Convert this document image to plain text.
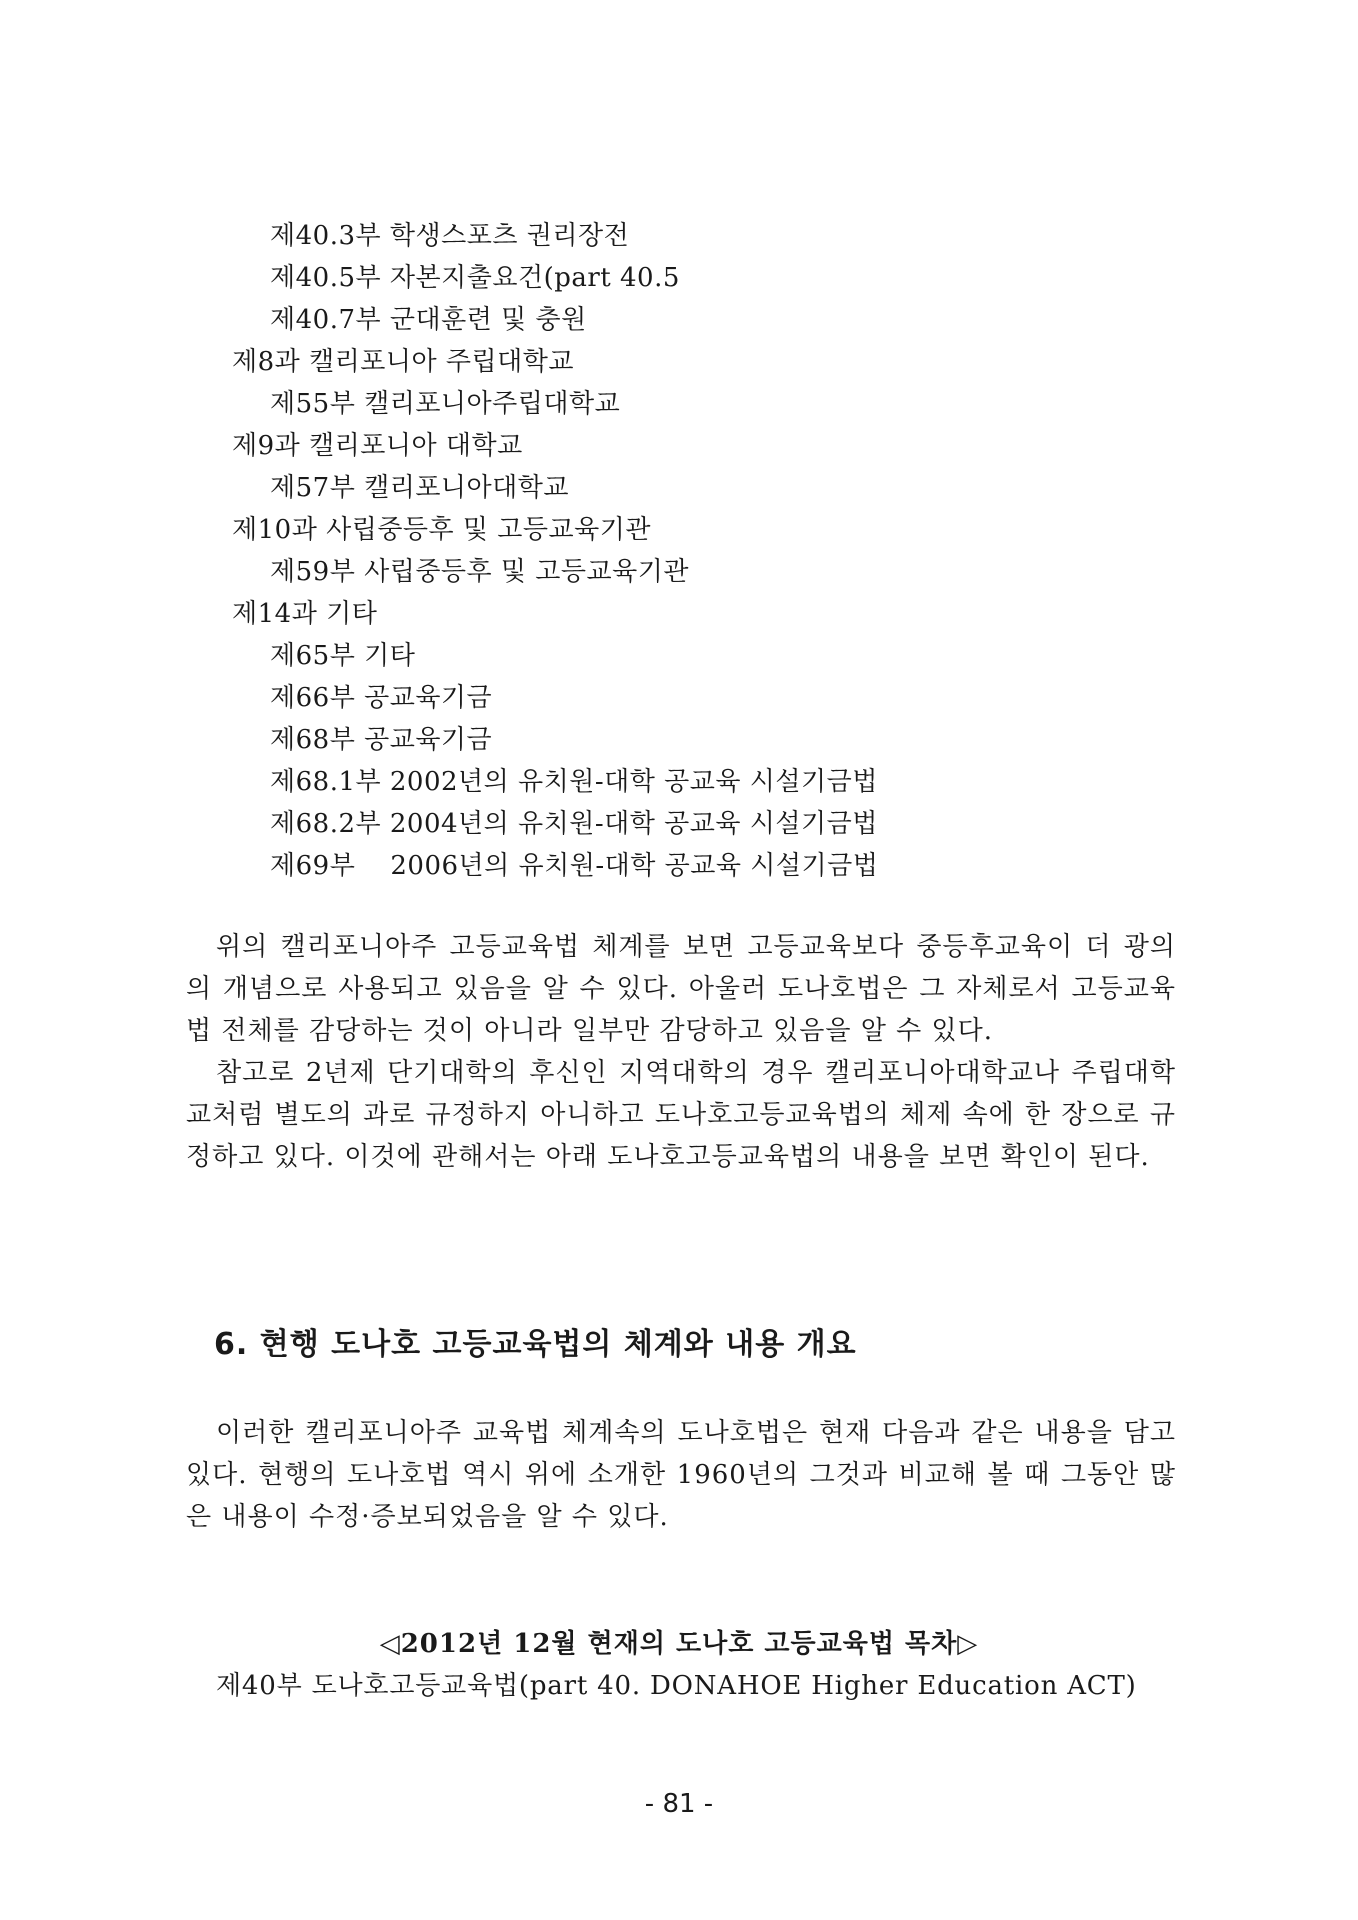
제40.3부 학생스포츠 권리장전
제40.5부 자본지출요건(part 40.5
제40.7부 군대훈련 및 충원
제8과 캘리포니아 주립대학교
제55부 캘리포니아주립대학교
제9과 캘리포니아 대학교
제57부 캘리포니아대학교
제10과 사립중등후 및 고등교육기관
제59부 사립중등후 및 고등교육기관
제14과 기타
제65부 기타
제66부 공교육기금
제68부 공교육기금
제68.1부 2002년의 유치원-대학 공교육 시설기금법
제68.2부 2004년의 유치원-대학 공교육 시설기금법
제69부    2006년의 유치원-대학 공교육 시설기금법

위의 캘리포니아주 고등교육법 체계를 보면 고등교육보다 중등후교육이 더 광의의 개념으로 사용되고 있음을 알 수 있다. 아울러 도나호법은 그 자체로서 고등교육법 전체를 감당하는 것이 아니라 일부만 감당하고 있음을 알 수 있다.

참고로 2년제 단기대학의 후신인 지역대학의 경우 캘리포니아대학교나 주립대학교처럼 별도의 과로 규정하지 아니하고 도나호고등교육법의 체제 속에 한 장으로 규정하고 있다. 이것에 관해서는 아래 도나호고등교육법의 내용을 보면 확인이 된다.

6. 현행 도나호 고등교육법의 체계와 내용 개요

이러한 캘리포니아주 교육법 체계속의 도나호법은 현재 다음과 같은 내용을 담고 있다. 현행의 도나호법 역시 위에 소개한 1960년의 그것과 비교해 볼 때 그동안 많은 내용이 수정·증보되었음을 알 수 있다.

◁2012년 12월 현재의 도나호 고등교육법 목차▷
제40부 도나호고등교육법(part 40. DONAHOE Higher Education ACT)
- 81 -
